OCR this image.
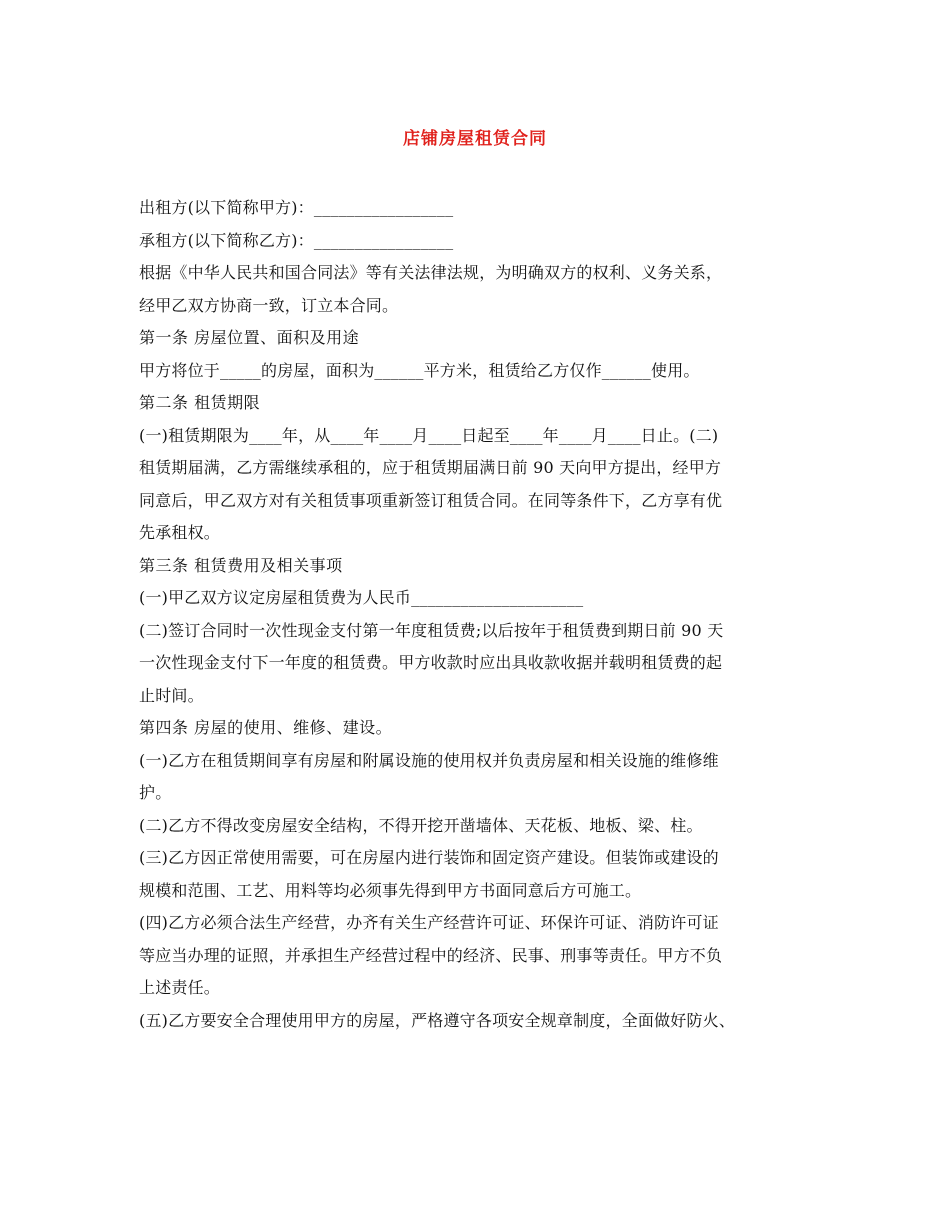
店铺房屋租赁合同
出租方(以下简称甲方)：_________________
承租方(以下简称乙方)：_________________
根据《中华人民共和国合同法》等有关法律法规，为明确双方的权利、义务关系，
经甲乙双方协商一致，订立本合同。
第一条 房屋位置、面积及用途
甲方将位于_____的房屋，面积为______平方米，租赁给乙方仅作______使用。
第二条 租赁期限
(一)租赁期限为____年，从____年____月____日起至____年____月____日止。(二)
租赁期届满，乙方需继续承租的，应于租赁期届满日前 90 天向甲方提出，经甲方
同意后，甲乙双方对有关租赁事项重新签订租赁合同。在同等条件下，乙方享有优
先承租权。
第三条 租赁费用及相关事项
(一)甲乙双方议定房屋租赁费为人民币_____________________
(二)签订合同时一次性现金支付第一年度租赁费;以后按年于租赁费到期日前 90 天
一次性现金支付下一年度的租赁费。甲方收款时应出具收款收据并载明租赁费的起
止时间。
第四条 房屋的使用、维修、建设。
(一)乙方在租赁期间享有房屋和附属设施的使用权并负责房屋和相关设施的维修维
护。
(二)乙方不得改变房屋安全结构，不得开挖开凿墙体、天花板、地板、梁、柱。
(三)乙方因正常使用需要，可在房屋内进行装饰和固定资产建设。但装饰或建设的
规模和范围、工艺、用料等均必须事先得到甲方书面同意后方可施工。
(四)乙方必须合法生产经营，办齐有关生产经营许可证、环保许可证、消防许可证
等应当办理的证照，并承担生产经营过程中的经济、民事、刑事等责任。甲方不负
上述责任。
(五)乙方要安全合理使用甲方的房屋，严格遵守各项安全规章制度，全面做好防火、
